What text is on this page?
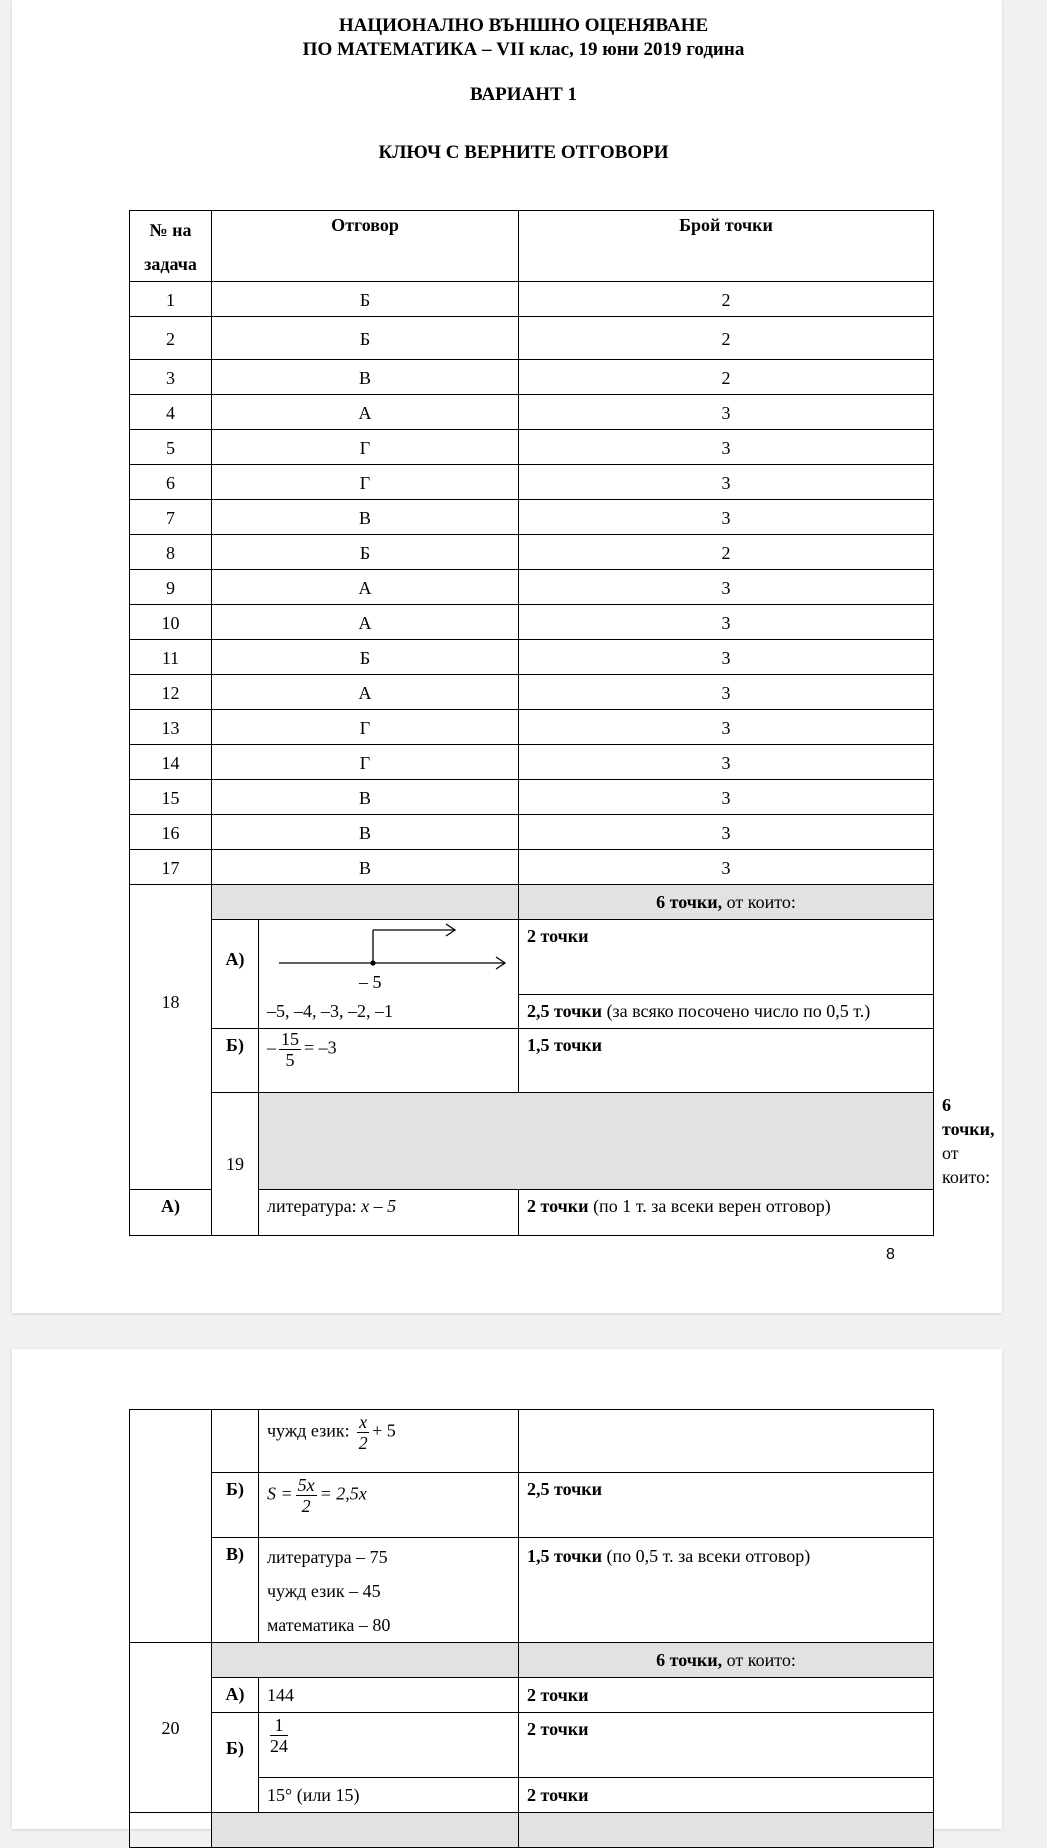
НАЦИОНАЛНО ВЪНШНО ОЦЕНЯВАНЕ
ПО МАТЕМАТИКА – VII клас, 19 юни 2019 година
ВАРИАНТ 1
КЛЮЧ С ВЕРНИТЕ ОТГОВОРИ
№ на
задача	Отговор		Брой точки	
1	Б		2	
2	Б		2	
3	В		2	
4	А		3	
5	Г		3	
6	Г		3	
7	В		3	
8	Б		2	
9	А		3	
10	А		3	
11	Б		3	
12	А		3	
13	Г		3	
14	Г		3	
15	В		3	
16	В		3	
17	В		3	
18			6 точки, от които:	
	А)	– 5	2 точки	
		–5, –4, –3, –2, –1	2,5 точки (за всяко посочено число по 0,5 т.)	
	Б)	– $\frac{15}{5} = -3$	1,5 точки	
	19			6 точки, от които:
А)		литература: x – 5	2 точки (по 1 т. за всеки верен отговор)	
8
		чужд език: $\frac{x}{2} + 5$	
	Б)	$S = \frac{5x}{2} = 2,5x$	2,5 точки
	В)	литература – 75
чужд език – 45
математика – 80	1,5 точки (по 0,5 т. за всеки отговор)
20			6 точки, от които:
	А)	144	2 точки
	Б)	$\frac{1}{24}$	2 точки
		15° (или 15)	2 точки
